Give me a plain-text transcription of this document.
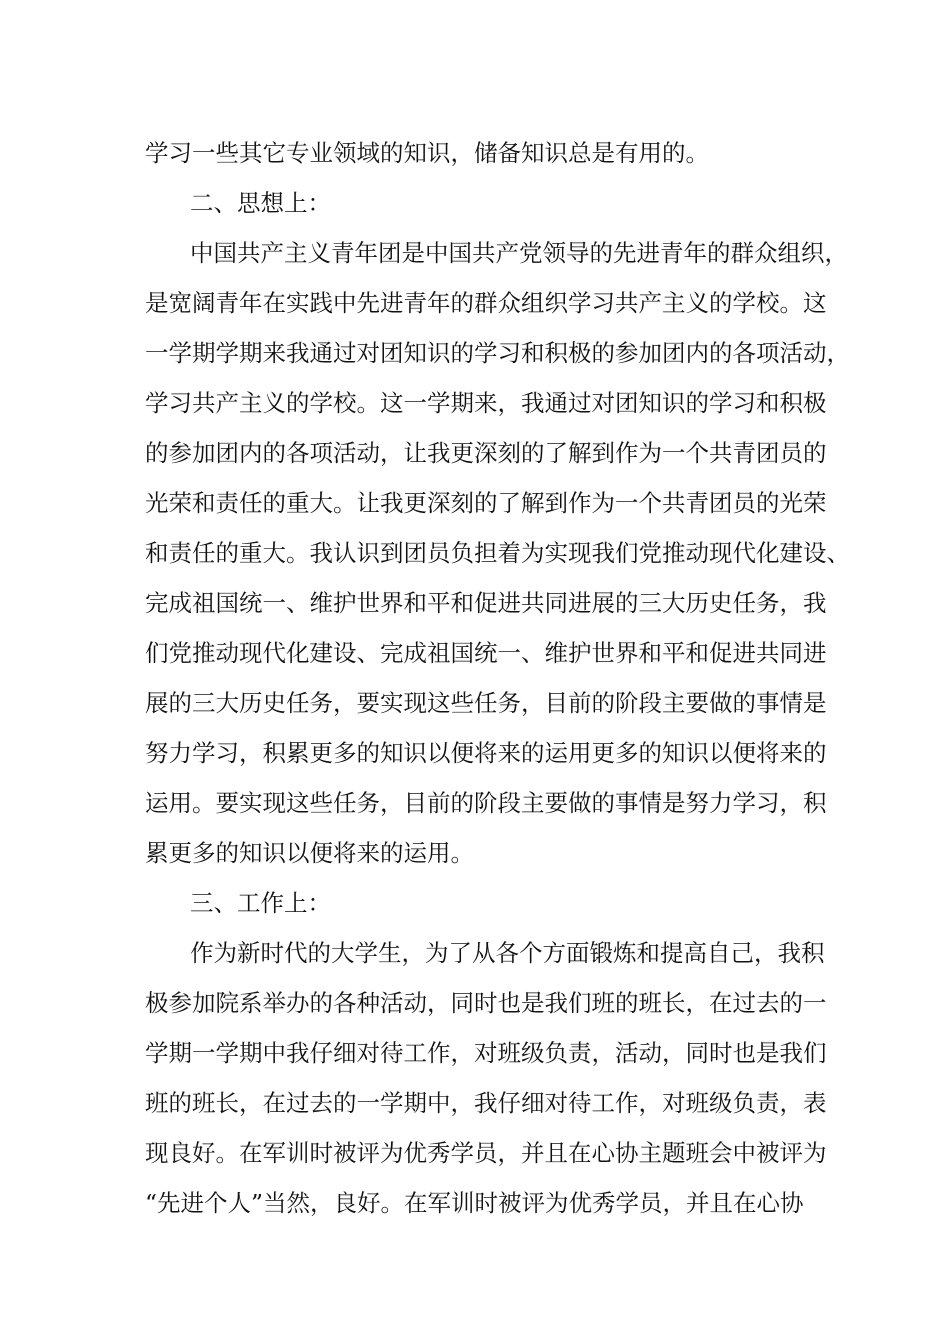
学习一些其它专业领域的知识，储备知识总是有用的。
二、思想上：
中国共产主义青年团是中国共产党领导的先进青年的群众组织，
是宽阔青年在实践中先进青年的群众组织学习共产主义的学校。这
一学期学期来我通过对团知识的学习和积极的参加团内的各项活动，
学习共产主义的学校。这一学期来，我通过对团知识的学习和积极
的参加团内的各项活动，让我更深刻的了解到作为一个共青团员的
光荣和责任的重大。让我更深刻的了解到作为一个共青团员的光荣
和责任的重大。我认识到团员负担着为实现我们党推动现代化建设、
完成祖国统一、维护世界和平和促进共同进展的三大历史任务，我
们党推动现代化建设、完成祖国统一、维护世界和平和促进共同进
展的三大历史任务，要实现这些任务，目前的阶段主要做的事情是
努力学习，积累更多的知识以便将来的运用更多的知识以便将来的
运用。要实现这些任务，目前的阶段主要做的事情是努力学习，积
累更多的知识以便将来的运用。
三、工作上：
作为新时代的大学生，为了从各个方面锻炼和提高自己，我积
极参加院系举办的各种活动，同时也是我们班的班长，在过去的一
学期一学期中我仔细对待工作，对班级负责，活动，同时也是我们
班的班长，在过去的一学期中，我仔细对待工作，对班级负责，表
现良好。在军训时被评为优秀学员，并且在心协主题班会中被评为
“先进个人”当然，良好。在军训时被评为优秀学员，并且在心协
